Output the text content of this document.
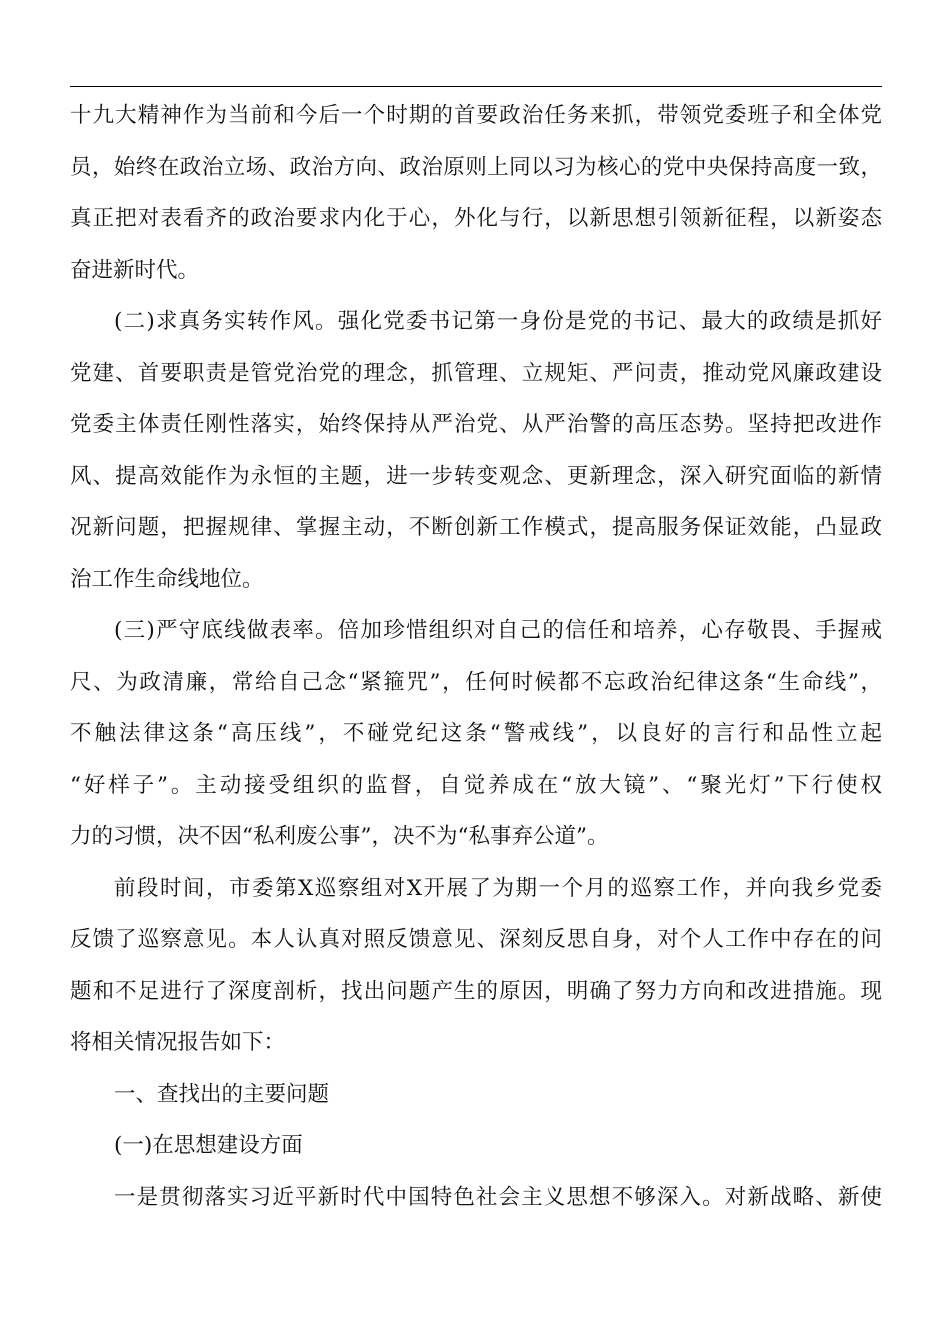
十九大精神作为当前和今后一个时期的首要政治任务来抓，带领党委班子和全体党
员，始终在政治立场、政治方向、政治原则上同以习为核心的党中央保持高度一致，
真正把对表看齐的政治要求内化于心，外化与行，以新思想引领新征程，以新姿态
奋进新时代。
(二)求真务实转作风。强化党委书记第一身份是党的书记、最大的政绩是抓好
党建、首要职责是管党治党的理念，抓管理、立规矩、严问责，推动党风廉政建设
党委主体责任刚性落实，始终保持从严治党、从严治警的高压态势。坚持把改进作
风、提高效能作为永恒的主题，进一步转变观念、更新理念，深入研究面临的新情
况新问题，把握规律、掌握主动，不断创新工作模式，提高服务保证效能，凸显政
治工作生命线地位。
(三)严守底线做表率。倍加珍惜组织对自己的信任和培养，心存敬畏、手握戒
尺、为政清廉，常给自己念“紧箍咒”，任何时候都不忘政治纪律这条“生命线”，
不触法律这条“高压线”，不碰党纪这条“警戒线”，以良好的言行和品性立起
“好样子”。主动接受组织的监督，自觉养成在“放大镜”、“聚光灯”下行使权
力的习惯，决不因“私利废公事”，决不为“私事弃公道”。
前段时间，市委第X巡察组对X开展了为期一个月的巡察工作，并向我乡党委
反馈了巡察意见。本人认真对照反馈意见、深刻反思自身，对个人工作中存在的问
题和不足进行了深度剖析，找出问题产生的原因，明确了努力方向和改进措施。现
将相关情况报告如下：
一、查找出的主要问题
(一)在思想建设方面
一是贯彻落实习近平新时代中国特色社会主义思想不够深入。对新战略、新使
